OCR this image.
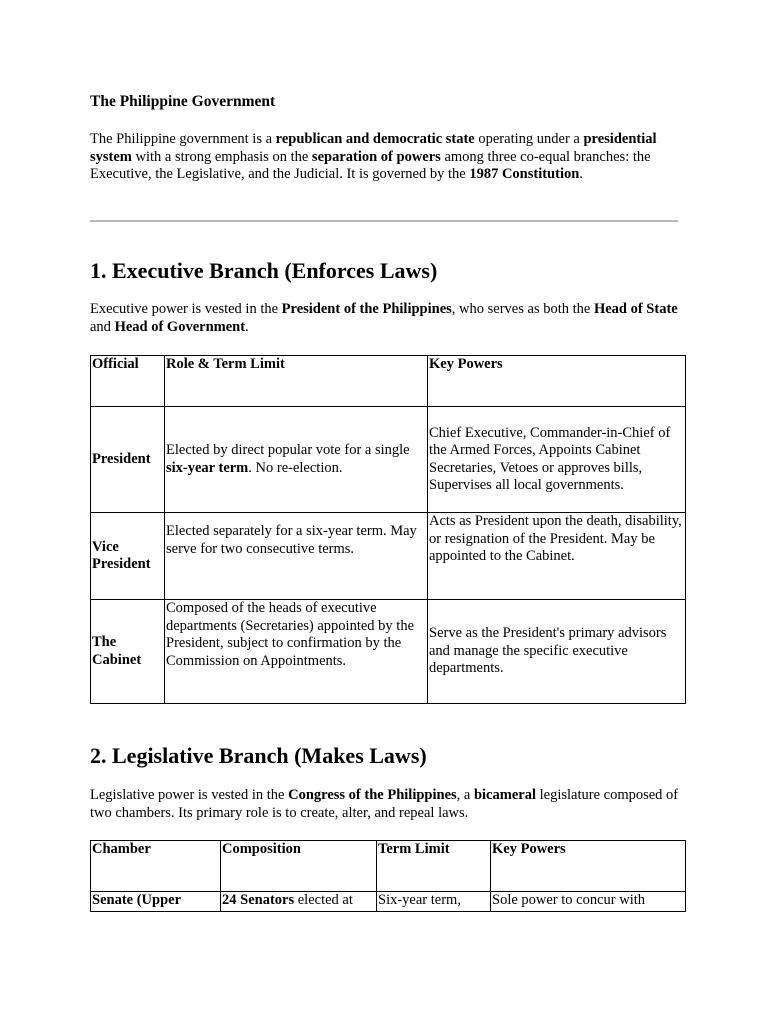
The Philippine Government

The Philippine government is a republican and democratic state operating under a presidential system with a strong emphasis on the separation of powers among three co-equal branches: the Executive, the Legislative, and the Judicial. It is governed by the 1987 Constitution.

1. Executive Branch (Enforces Laws)

Executive power is vested in the President of the Philippines, who serves as both the Head of State and Head of Government.

Official	Role & Term Limit	Key Powers
President	Elected by direct popular vote for a single six-year term. No re-election.	Chief Executive, Commander-in-Chief of the Armed Forces, Appoints Cabinet Secretaries, Vetoes or approves bills, Supervises all local governments.
Vice President	Elected separately for a six-year term. May serve for two consecutive terms.	Acts as President upon the death, disability, or resignation of the President. May be appointed to the Cabinet.
The Cabinet	Composed of the heads of executive departments (Secretaries) appointed by the President, subject to confirmation by the Commission on Appointments.	Serve as the President's primary advisors and manage the specific executive departments.
2. Legislative Branch (Makes Laws)

Legislative power is vested in the Congress of the Philippines, a bicameral legislature composed of two chambers. Its primary role is to create, alter, and repeal laws.

Chamber	Composition	Term Limit	Key Powers
Senate (Upper	24 Senators elected at	Six-year term,	Sole power to concur with
